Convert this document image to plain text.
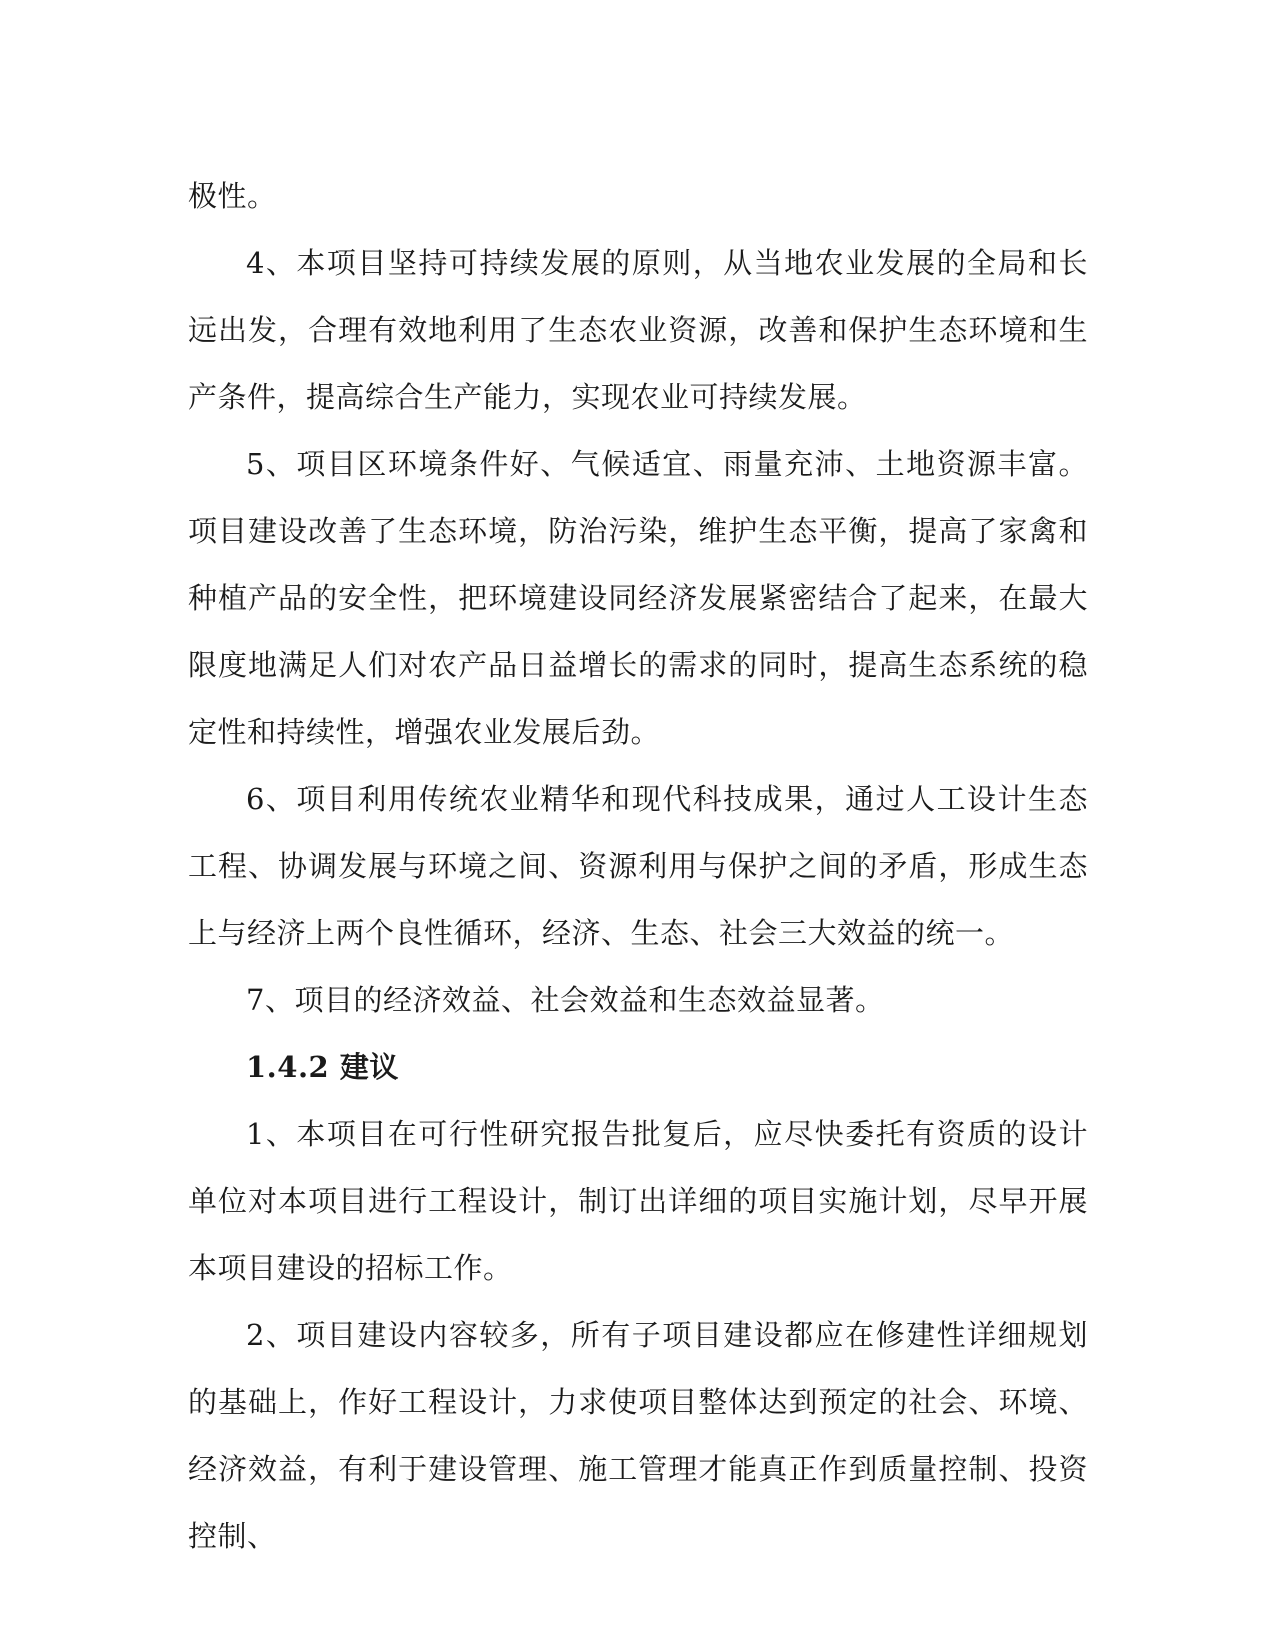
极性。

4、本项目坚持可持续发展的原则，从当地农业发展的全局和长远出发，合理有效地利用了生态农业资源，改善和保护生态环境和生产条件，提高综合生产能力，实现农业可持续发展。

5、项目区环境条件好、气候适宜、雨量充沛、土地资源丰富。项目建设改善了生态环境，防治污染，维护生态平衡，提高了家禽和种植产品的安全性，把环境建设同经济发展紧密结合了起来，在最大限度地满足人们对农产品日益增长的需求的同时，提高生态系统的稳定性和持续性，增强农业发展后劲。

6、项目利用传统农业精华和现代科技成果，通过人工设计生态工程、协调发展与环境之间、资源利用与保护之间的矛盾，形成生态上与经济上两个良性循环，经济、生态、社会三大效益的统一。

7、项目的经济效益、社会效益和生态效益显著。

1.4.2 建议

1、本项目在可行性研究报告批复后，应尽快委托有资质的设计单位对本项目进行工程设计，制订出详细的项目实施计划，尽早开展本项目建设的招标工作。

2、项目建设内容较多，所有子项目建设都应在修建性详细规划的基础上，作好工程设计，力求使项目整体达到预定的社会、环境、经济效益，有利于建设管理、施工管理才能真正作到质量控制、投资控制、
